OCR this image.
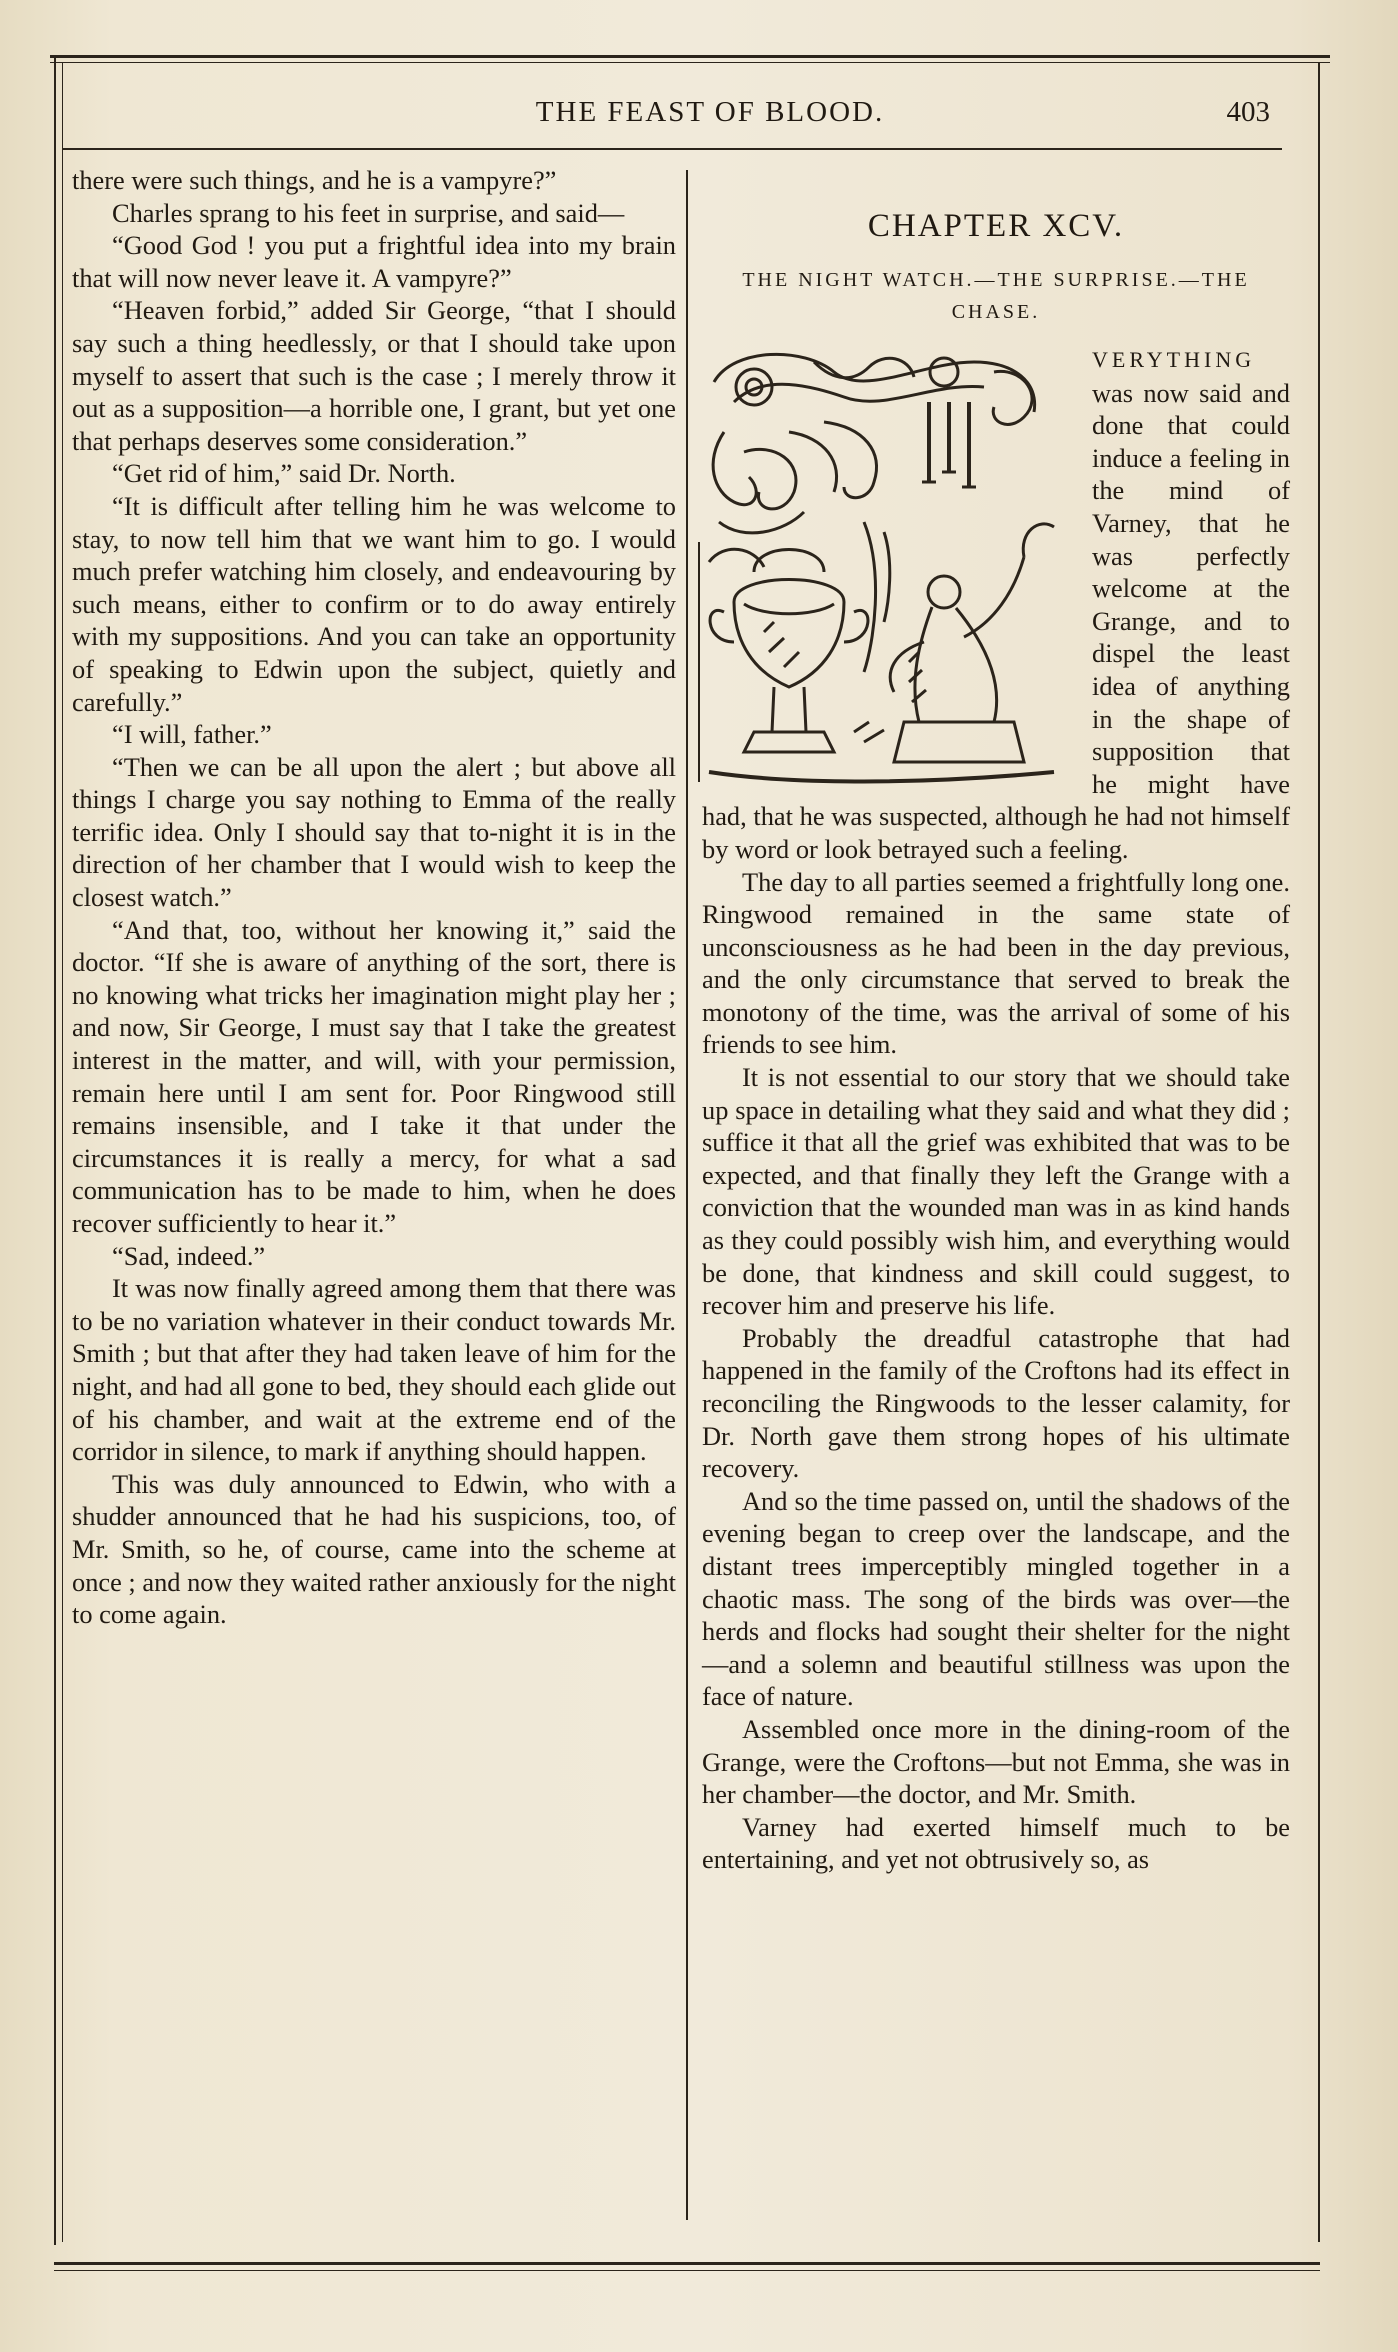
THE FEAST OF BLOOD.	403

there were such things, and he is a vampyre?”

Charles sprang to his feet in surprise, and said—

“Good God ! you put a frightful idea into my brain that will now never leave it. A vampyre?”

“Heaven forbid,” added Sir George, “that I should say such a thing heedlessly, or that I should take upon myself to assert that such is the case ; I merely throw it out as a supposition—a horrible one, I grant, but yet one that perhaps deserves some consideration.”

“Get rid of him,” said Dr. North.

“It is difficult after telling him he was welcome to stay, to now tell him that we want him to go. I would much prefer watching him closely, and endeavouring by such means, either to confirm or to do away entirely with my suppositions. And you can take an opportunity of speaking to Edwin upon the subject, quietly and carefully.”

“I will, father.”

“Then we can be all upon the alert ; but above all things I charge you say nothing to Emma of the really terrific idea. Only I should say that to-night it is in the direction of her chamber that I would wish to keep the closest watch.”

“And that, too, without her knowing it,” said the doctor. “If she is aware of anything of the sort, there is no knowing what tricks her imagination might play her ; and now, Sir George, I must say that I take the greatest interest in the matter, and will, with your permission, remain here until I am sent for. Poor Ringwood still remains insensible, and I take it that under the circumstances it is really a mercy, for what a sad communication has to be made to him, when he does recover sufficiently to hear it.”

“Sad, indeed.”

It was now finally agreed among them that there was to be no variation whatever in their conduct towards Mr. Smith ; but that after they had taken leave of him for the night, and had all gone to bed, they should each glide out of his chamber, and wait at the extreme end of the corridor in silence, to mark if anything should happen.

This was duly announced to Edwin, who with a shudder announced that he had his suspicions, too, of Mr. Smith, so he, of course, came into the scheme at once ; and now they waited rather anxiously for the night to come again.

CHAPTER XCV.
THE NIGHT WATCH.—THE SURPRISE.—THE CHASE.

VERYTHING was now said and done that could induce a feeling in the mind of Varney, that he was perfectly welcome at the Grange, and to dispel the least idea of anything in the shape of supposition that he might have had, that he was suspected, although he had not himself by word or look betrayed such a feeling.

The day to all parties seemed a frightfully long one. Ringwood remained in the same state of unconsciousness as he had been in the day previous, and the only circumstance that served to break the monotony of the time, was the arrival of some of his friends to see him.

It is not essential to our story that we should take up space in detailing what they said and what they did ; suffice it that all the grief was exhibited that was to be expected, and that finally they left the Grange with a conviction that the wounded man was in as kind hands as they could possibly wish him, and everything would be done, that kindness and skill could suggest, to recover him and preserve his life.

Probably the dreadful catastrophe that had happened in the family of the Croftons had its effect in reconciling the Ringwoods to the lesser calamity, for Dr. North gave them strong hopes of his ultimate recovery.

And so the time passed on, until the shadows of the evening began to creep over the landscape, and the distant trees imperceptibly mingled together in a chaotic mass. The song of the birds was over—the herds and flocks had sought their shelter for the night—and a solemn and beautiful stillness was upon the face of nature.

Assembled once more in the dining-room of the Grange, were the Croftons—but not Emma, she was in her chamber—the doctor, and Mr. Smith.

Varney had exerted himself much to be entertaining, and yet not obtrusively so, as
